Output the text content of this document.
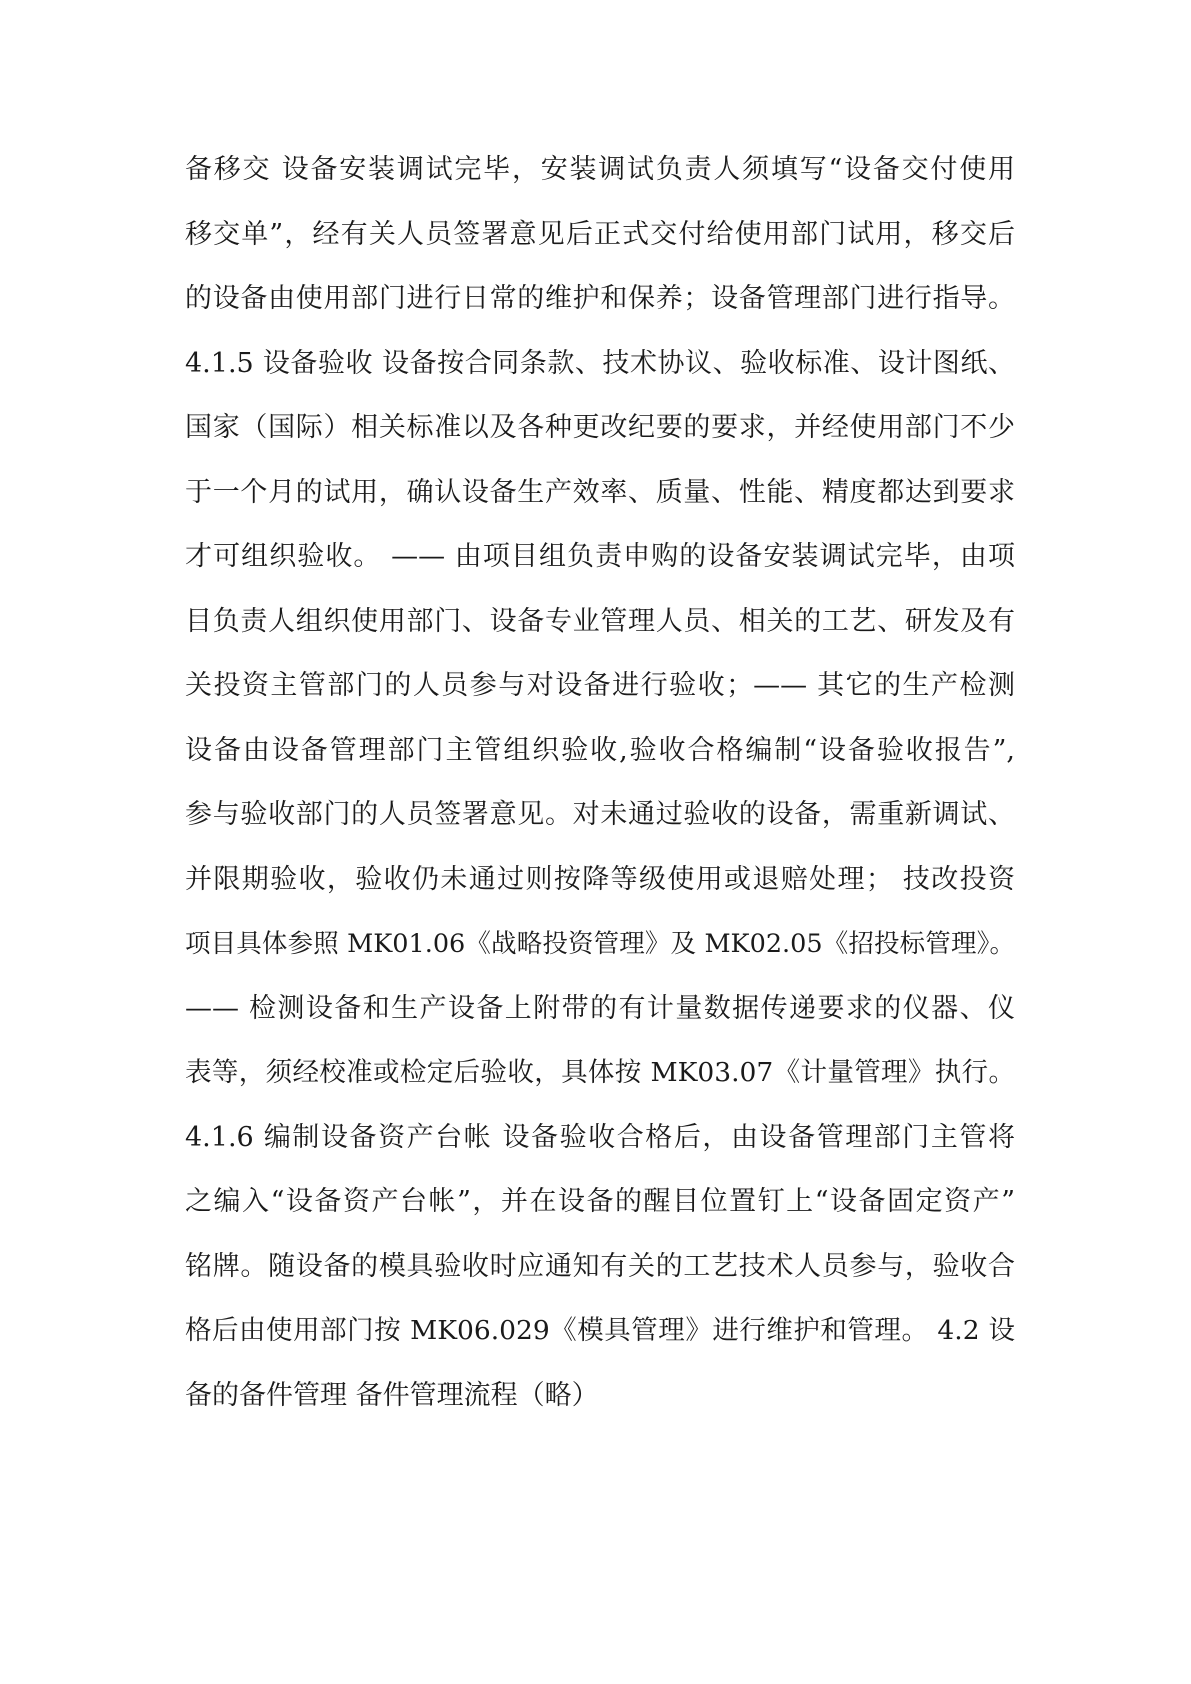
备移交 设备安装调试完毕，安装调试负责人须填写“设备交付使用
移交单”，经有关人员签署意见后正式交付给使用部门试用，移交后
的设备由使用部门进行日常的维护和保养；设备管理部门进行指导。
4.1.5 设备验收 设备按合同条款、技术协议、验收标准、设计图纸、
国家（国际）相关标准以及各种更改纪要的要求，并经使用部门不少
于一个月的试用，确认设备生产效率、质量、性能、精度都达到要求
才可组织验收。 —— 由项目组负责申购的设备安装调试完毕，由项
目负责人组织使用部门、设备专业管理人员、相关的工艺、研发及有
关投资主管部门的人员参与对设备进行验收；—— 其它的生产检测
设备由设备管理部门主管组织验收,验收合格编制“设备验收报告”,
参与验收部门的人员签署意见。对未通过验收的设备，需重新调试、
并限期验收，验收仍未通过则按降等级使用或退赔处理； 技改投资
项目具体参照 MK01.06《战略投资管理》及 MK02.05《招投标管理》。
—— 检测设备和生产设备上附带的有计量数据传递要求的仪器、仪
表等，须经校准或检定后验收，具体按 MK03.07《计量管理》执行。
4.1.6 编制设备资产台帐 设备验收合格后，由设备管理部门主管将
之编入“设备资产台帐”，并在设备的醒目位置钉上“设备固定资产”
铭牌。随设备的模具验收时应通知有关的工艺技术人员参与，验收合
格后由使用部门按 MK06.029《模具管理》进行维护和管理。 4.2 设
备的备件管理 备件管理流程（略）
